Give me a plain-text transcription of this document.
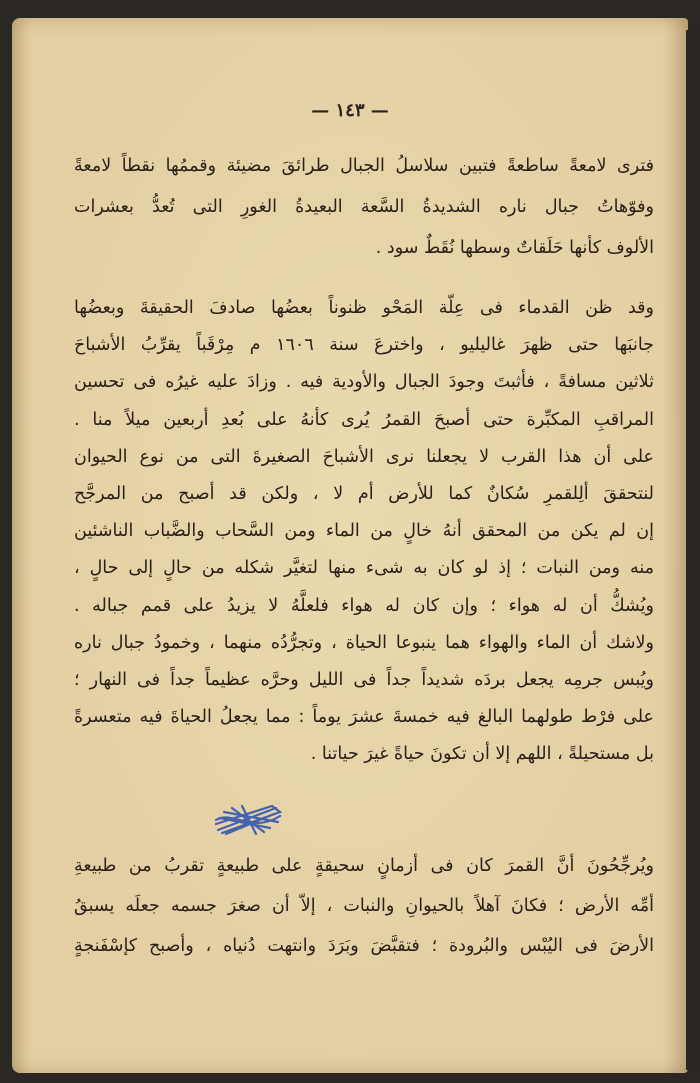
— ١٤٣ —
فترى لامعةً ساطعةً فتبين سلاسلُ الجبال طرائقَ مضيئة وقممُها نقطاً لامعةً
وفوّهاتُ جبال ناره الشديدةُ السَّعة البعيدةُ الغورِ التى تُعدُّ بعشرات
الألوف كأنها حَلَقاتٌ وسطها نُقَطٌ سود .
وقد ظن القدماء فى عِلّة المَحْو ظنوناً بعضُها صادفَ الحقيقةَ وبعضُها
جانبَها حتى ظهرَ غاليليو ، واخترعَ سنة ١٦٠٦ م مِرْقَباً يقرِّبُ الأشباحَ
ثلاثين مسافةً ، فأثبتَ وجودَ الجبال والأودية فيه . وزادَ عليه غيرُه فى تحسين
المراقبِ المكبِّرة حتى أصبحَ القمرُ يُرى كأنهُ على بُعدِ أربعين ميلاً منا .
على أن هذا القرب لا يجعلنا نرى الأشباحَ الصغيرةَ التى من نوع الحيوان
لنتحققَ ألِلقمرِ سُكانٌ كما للأرض أم لا ، ولكن قد أصبح من المرجَّح
إن لم يكن من المحقق أنهُ خالٍ من الماء ومن السَّحاب والضَّباب الناشئين
منه ومن النبات ؛ إذ لو كان به شىء منها لتغيَّر شكله من حالٍ إلى حالٍ ،
ويُشكُّ أن له هواء ؛ وإن كان له هواء فلعلَّهُ لا يزيدُ على قمم جباله .
ولاشك أن الماء والهواء هما ينبوعا الحياة ، وتجرُّدُه منهما ، وخمودُ جبال ناره
ويُبس جرمِه يجعل بردَه شديداً جداً فى الليل وحرَّه عظيماً جداً فى النهار ؛
على فرْط طولهما البالغ فيه خمسةَ عشرَ يوماً : مما يجعلُ الحياةَ فيه متعسرةً
بل مستحيلةً ، اللهم إلا أن تكونَ حياةً غيرَ حياتنا .
ويُرجِّحُونَ أنَّ القمرَ كان فى أزمانٍ سحيقةٍ على طبيعةٍ تقربُ من طبيعةِ
أمِّه الأرض ؛ فكانَ آهلاً بالحيوانِ والنبات ، إلاّ أن صغرَ جسمه جعلَه يسبقُ
الأرضَ فى اليُبْس والبُرودة ؛ فتقبَّضَ وبَرَدَ وانتهت دُنياه ، وأصبح كإسْفَنجةٍ
